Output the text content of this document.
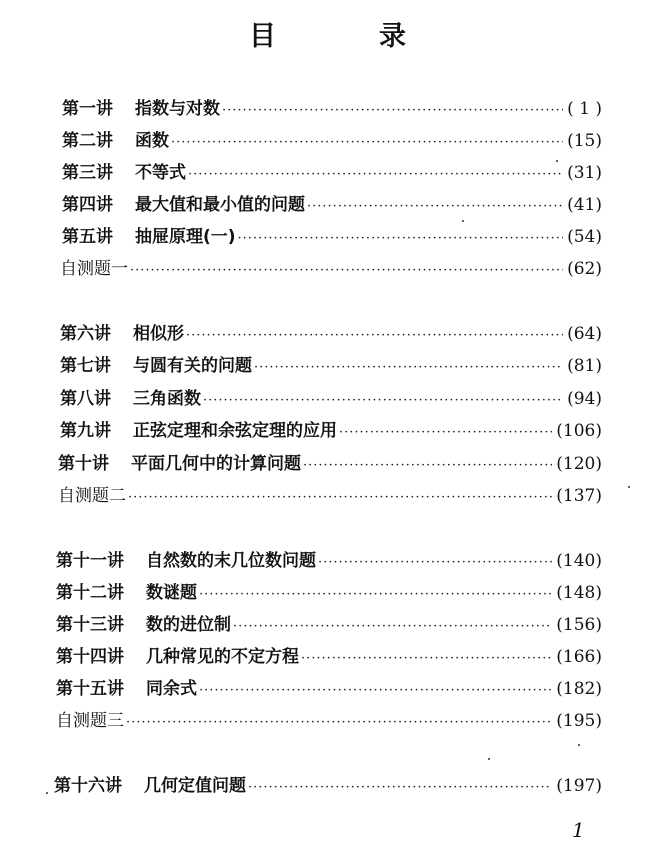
目　录
第一讲 指数与对数 ·····	( 1 )
第二讲 函数 ·····	(15)
第三讲 不等式 ·····	(31)
第四讲 最大值和最小值的问题 ·····	(41)
第五讲 抽屉原理(一) ·····	(54)
自测题一 ·····	(62)
第六讲 相似形 ·····	(64)
第七讲 与圆有关的问题 ·····	(81)
第八讲 三角函数 ·····	(94)
第九讲 正弦定理和余弦定理的应用 ·····	(106)
第十讲 平面几何中的计算问题 ·····	(120)
自测题二 ·····	(137)
第十一讲 自然数的末几位数问题 ·····	(140)
第十二讲 数谜题 ·····	(148)
第十三讲 数的进位制 ·····	(156)
第十四讲 几种常见的不定方程 ·····	(166)
第十五讲 同余式 ·····	(182)
自测题三 ·····	(195)
第十六讲 几何定值问题 ·····	(197)
1
